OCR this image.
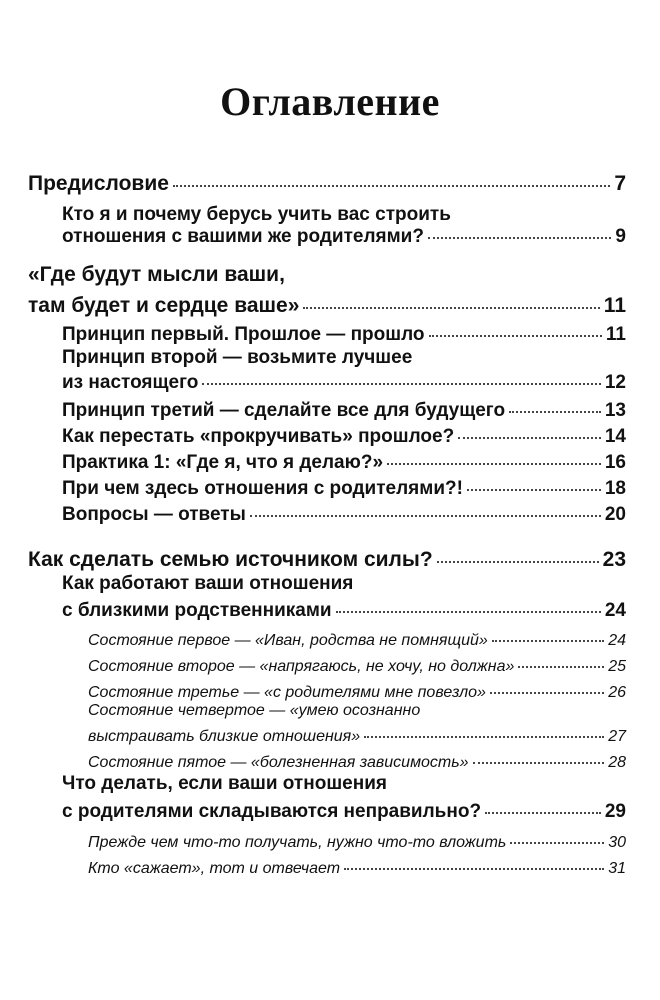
Оглавление
Предисловие	7
Кто я и почему берусь учить вас строить
отношения с вашими же родителями?	9
«Где будут мысли ваши,
там будет и сердце ваше»	11
Принцип первый. Прошлое — прошло	11
Принцип второй — возьмите лучшее
из настоящего	12
Принцип третий — сделайте все для будущего	13
Как перестать «прокручивать» прошлое?	14
Практика 1: «Где я, что я делаю?»	16
При чем здесь отношения с родителями?!	18
Вопросы — ответы	20
Как сделать семью источником силы?	23
Как работают ваши отношения
с близкими родственниками	24
Состояние первое — «Иван, родства не помнящий»	24
Состояние второе — «напрягаюсь, не хочу, но должна»	25
Состояние третье — «с родителями мне повезло»	26
Состояние четвертое — «умею осознанно
выстраивать близкие отношения»	27
Состояние пятое — «болезненная зависимость»	28
Что делать, если ваши отношения
с родителями складываются неправильно?	29
Прежде чем что-то получать, нужно что-то вложить	30
Кто «сажает», тот и отвечает	31
